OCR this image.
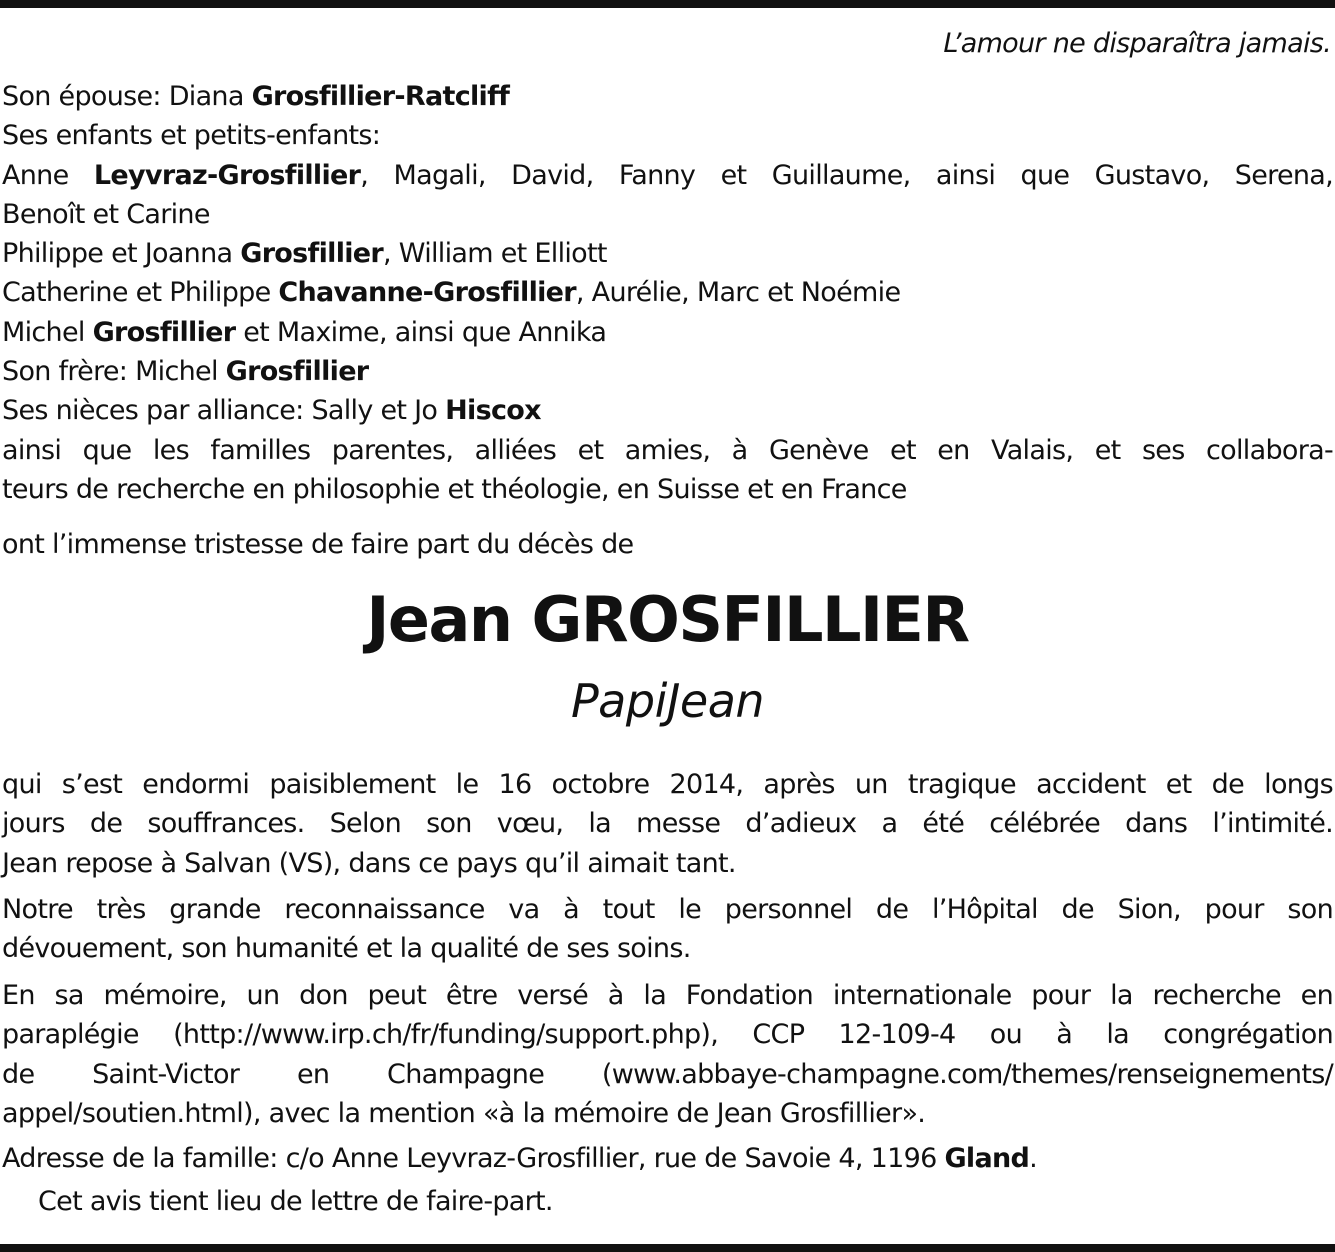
L’amour ne disparaîtra jamais.
Son épouse: Diana Grosfillier-Ratcliff
Ses enfants et petits-enfants:
Anne Leyvraz-Grosfillier, Magali, David, Fanny et Guillaume, ainsi que Gustavo, Serena,
Benoît et Carine
Philippe et Joanna Grosfillier, William et Elliott
Catherine et Philippe Chavanne-Grosfillier, Aurélie, Marc et Noémie
Michel Grosfillier et Maxime, ainsi que Annika
Son frère: Michel Grosfillier
Ses nièces par alliance: Sally et Jo Hiscox
ainsi que les familles parentes, alliées et amies, à Genève et en Valais, et ses collabora-
teurs de recherche en philosophie et théologie, en Suisse et en France
ont l’immense tristesse de faire part du décès de
Jean GROSFILLIER
PapiJean
qui s’est endormi paisiblement le 16 octobre 2014, après un tragique accident et de longs
jours de souffrances. Selon son vœu, la messe d’adieux a été célébrée dans l’intimité.
Jean repose à Salvan (VS), dans ce pays qu’il aimait tant.
Notre très grande reconnaissance va à tout le personnel de l’Hôpital de Sion, pour son
dévouement, son humanité et la qualité de ses soins.
En sa mémoire, un don peut être versé à la Fondation internationale pour la recherche en
paraplégie (http://www.irp.ch/fr/funding/support.php), CCP 12-109-4 ou à la congrégation
de Saint-Victor en Champagne (www.abbaye-champagne.com/themes/renseignements/
appel/soutien.html), avec la mention «à la mémoire de Jean Grosfillier».
Adresse de la famille: c/o Anne Leyvraz-Grosfillier, rue de Savoie 4, 1196 Gland.
Cet avis tient lieu de lettre de faire-part.
